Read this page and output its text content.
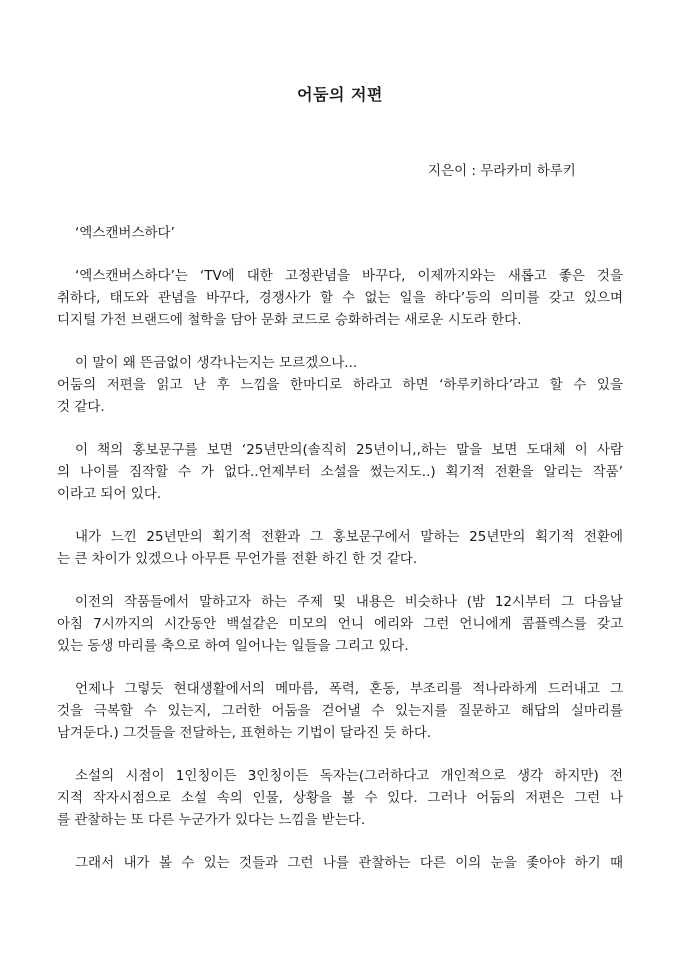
어둠의 저편
지은이 : 무라카미 하루키

‘엑스캔버스하다’

‘엑스캔버스하다’는 ‘TV에 대한 고정관념을 바꾸다, 이제까지와는 새롭고 좋은 것을
취하다, 태도와 관념을 바꾸다, 경쟁사가 할 수 없는 일을 하다’등의 의미를 갖고 있으며
디지털 가전 브랜드에 철학을 담아 문화 코드로 승화하려는 새로운 시도라 한다.

이 말이 왜 뜬금없이 생각나는지는 모르겠으나...
어둠의 저편을 읽고 난 후 느낌을 한마디로 하라고 하면 ‘하루키하다’라고 할 수 있을
것 같다.

이 책의 홍보문구를 보면 ‘25년만의(솔직히 25년이니,,하는 말을 보면 도대체 이 사람
의 나이를 짐작할 수 가 없다..언제부터 소설을 썼는지도..) 획기적 전환을 알리는 작품’
이라고 되어 있다.

내가 느낀 25년만의 획기적 전환과 그 홍보문구에서 말하는 25년만의 획기적 전환에
는 큰 차이가 있겠으나 아무튼 무언가를 전환 하긴 한 것 같다.

이전의 작품들에서 말하고자 하는 주제 및 내용은 비슷하나 (밤 12시부터 그 다음날
아침 7시까지의 시간동안 백설같은 미모의 언니 에리와 그런 언니에게 콤플렉스를 갖고
있는 동생 마리를 축으로 하여 일어나는 일들을 그리고 있다.

언제나 그렇듯 현대생활에서의 메마름, 폭력, 혼동, 부조리를 적나라하게 드러내고 그
것을 극복할 수 있는지, 그러한 어둠을 걷어낼 수 있는지를 질문하고 해답의 실마리를
남겨둔다.) 그것들을 전달하는, 표현하는 기법이 달라진 듯 하다.

소설의 시점이 1인칭이든 3인칭이든 독자는(그러하다고 개인적으로 생각 하지만) 전
지적 작자시점으로 소설 속의 인물, 상황을 볼 수 있다. 그러나 어둠의 저편은 그런 나
를 관찰하는 또 다른 누군가가 있다는 느낌을 받는다.

그래서 내가 볼 수 있는 것들과 그런 나를 관찰하는 다른 이의 눈을 좇아야 하기 때
